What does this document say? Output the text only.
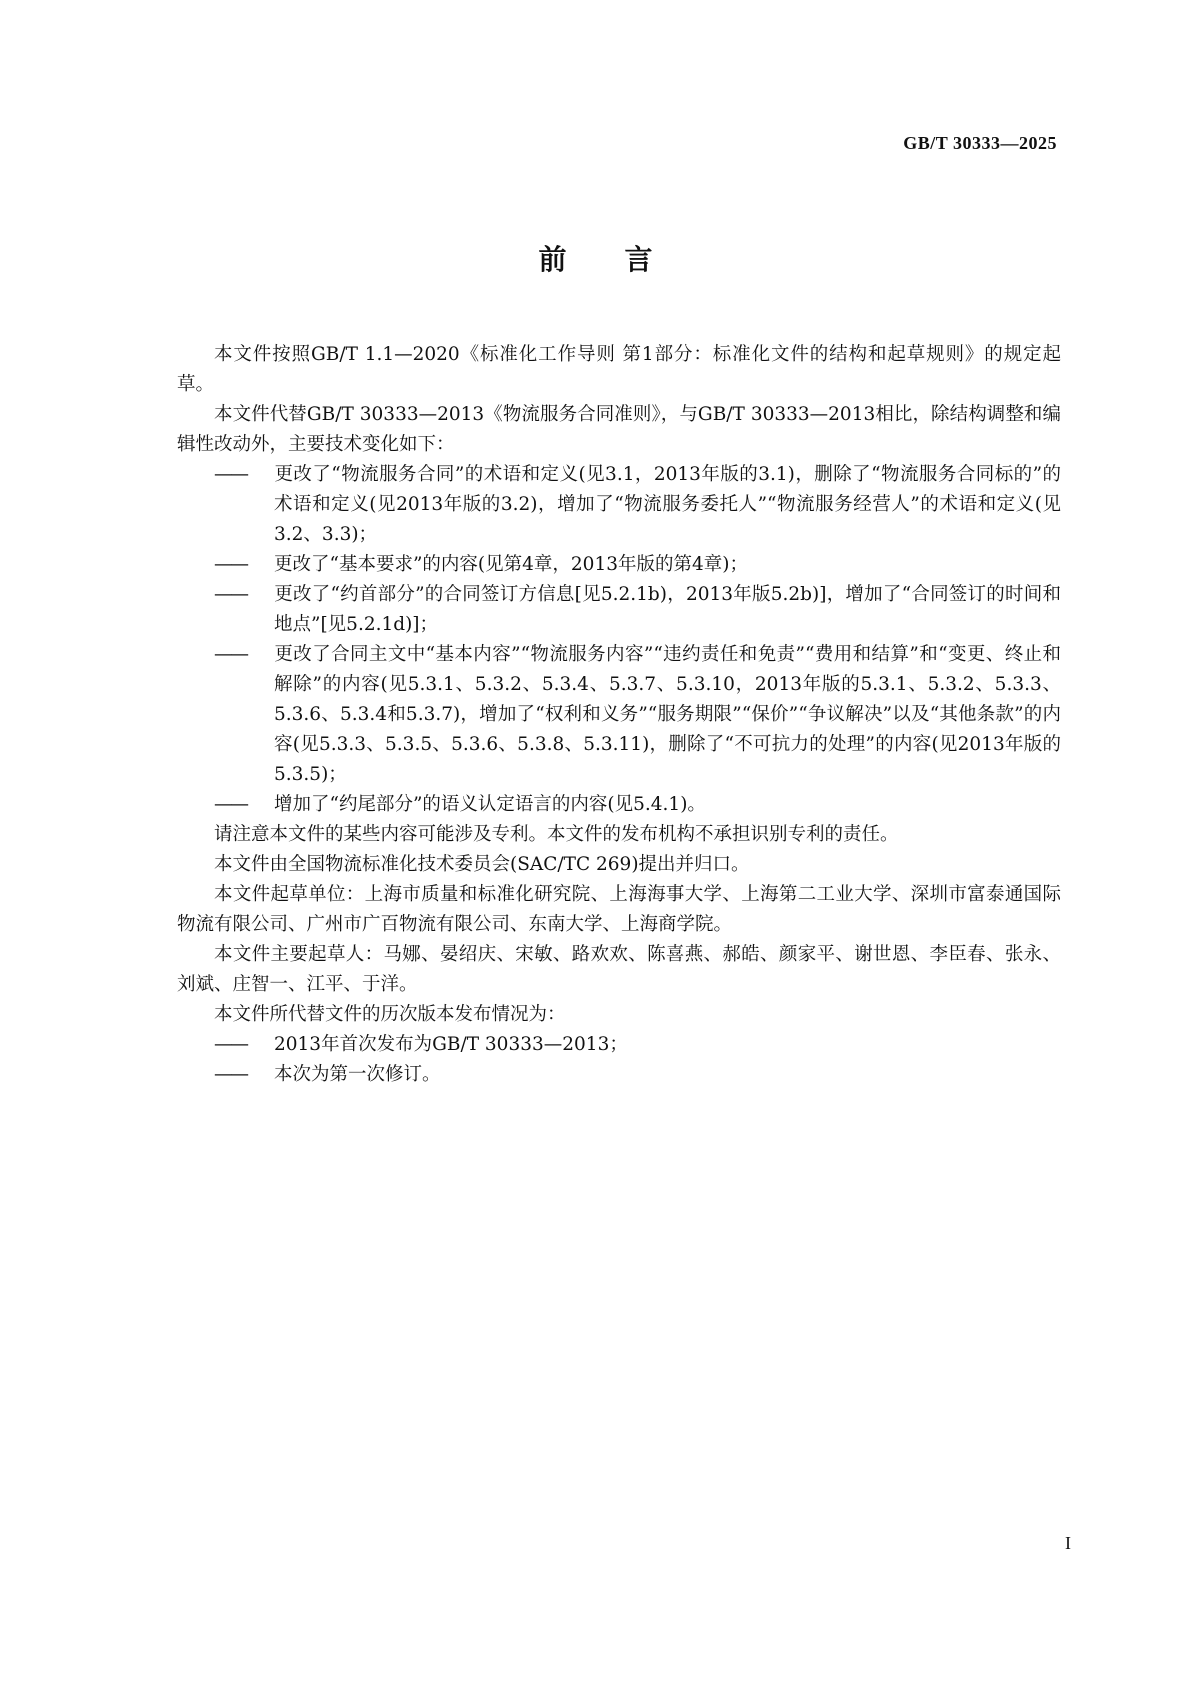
GB/T 30333—2025
前言

本文件按照GB/T 1.1—2020《标准化工作导则 第1部分：标准化文件的结构和起草规则》的规定起草。

本文件代替GB/T 30333—2013《物流服务合同准则》，与GB/T 30333—2013相比，除结构调整和编辑性改动外，主要技术变化如下：

—— 更改了“物流服务合同”的术语和定义(见3.1，2013年版的3.1)，删除了“物流服务合同标的”的术语和定义(见2013年版的3.2)，增加了“物流服务委托人”“物流服务经营人”的术语和定义(见3.2、3.3)；

—— 更改了“基本要求”的内容(见第4章，2013年版的第4章)；

—— 更改了“约首部分”的合同签订方信息[见5.2.1b)，2013年版5.2b)]，增加了“合同签订的时间和地点”[见5.2.1d)]；

—— 更改了合同主文中“基本内容”“物流服务内容”“违约责任和免责”“费用和结算”和“变更、终止和解除”的内容(见5.3.1、5.3.2、5.3.4、5.3.7、5.3.10，2013年版的5.3.1、5.3.2、5.3.3、5.3.6、5.3.4和5.3.7)，增加了“权利和义务”“服务期限”“保价”“争议解决”以及“其他条款”的内容(见5.3.3、5.3.5、5.3.6、5.3.8、5.3.11)，删除了“不可抗力的处理”的内容(见2013年版的5.3.5)；

—— 增加了“约尾部分”的语义认定语言的内容(见5.4.1)。

请注意本文件的某些内容可能涉及专利。本文件的发布机构不承担识别专利的责任。

本文件由全国物流标准化技术委员会(SAC/TC 269)提出并归口。

本文件起草单位：上海市质量和标准化研究院、上海海事大学、上海第二工业大学、深圳市富泰通国际物流有限公司、广州市广百物流有限公司、东南大学、上海商学院。

本文件主要起草人：马娜、晏绍庆、宋敏、路欢欢、陈喜燕、郝皓、颜家平、谢世恩、李臣春、张永、刘斌、庄智一、江平、于洋。

本文件所代替文件的历次版本发布情况为：

—— 2013年首次发布为GB/T 30333—2013；

—— 本次为第一次修订。

I
